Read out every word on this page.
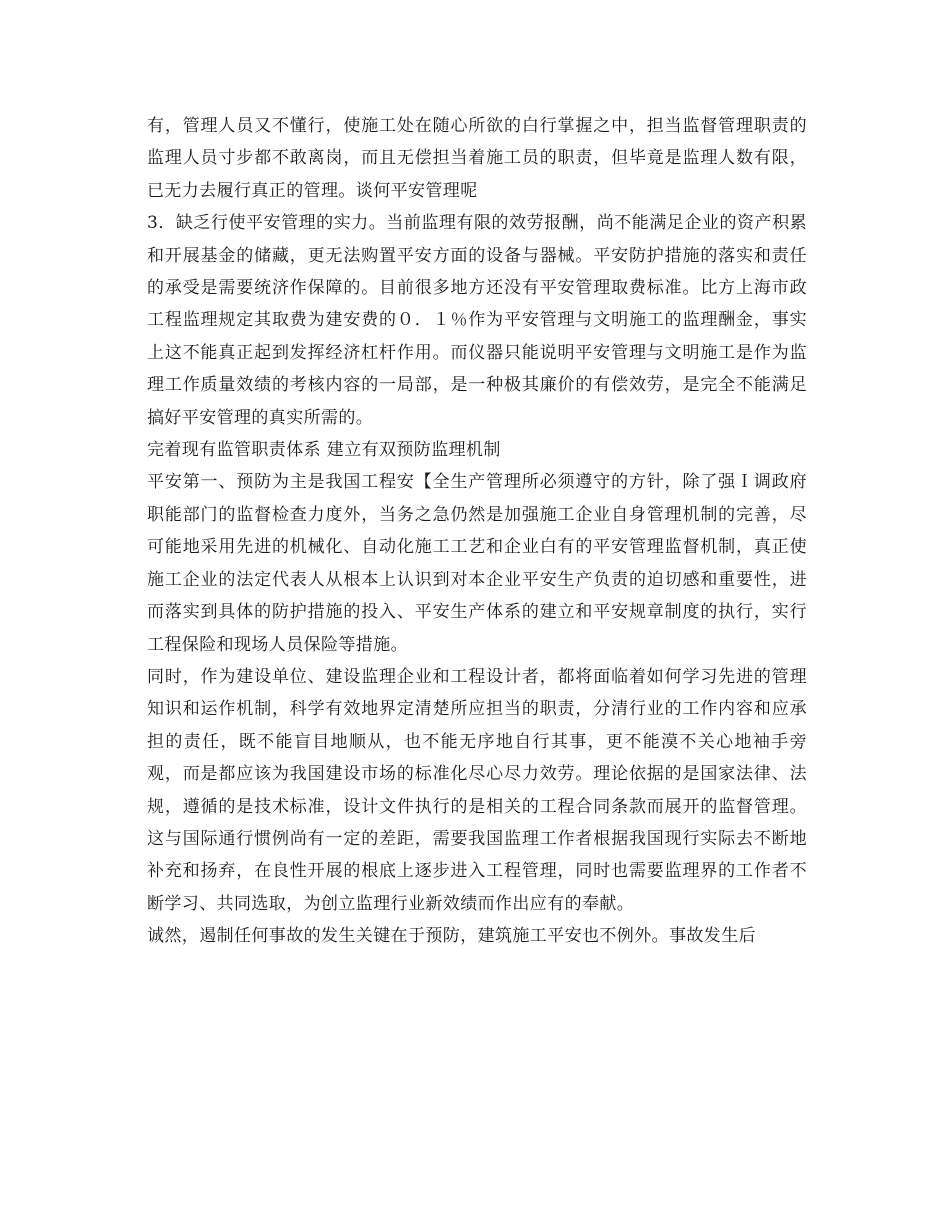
有，管理人员又不懂行，使施工处在随心所欲的白行掌握之中，担当监督管理职责的监理人员寸步都不敢离岗，而且无偿担当着施工员的职责，但毕竟是监理人数有限，已无力去履行真正的管理。谈何平安管理呢

3．缺乏行使平安管理的实力。当前监理有限的效劳报酬，尚不能满足企业的资产积累和开展基金的储藏，更无法购置平安方面的设备与器械。平安防护措施的落实和责任的承受是需要统济作保障的。目前很多地方还没有平安管理取费标准。比方上海市政工程监理规定其取费为建安费的０．１％作为平安管理与文明施工的监理酬金，事实上这不能真正起到发挥经济杠杆作用。而仪器只能说明平安管理与文明施工是作为监理工作质量效绩的考核内容的一局部，是一种极其廉价的有偿效劳，是完全不能满足搞好平安管理的真实所需的。

完着现有监管职责体系 建立有双预防监理机制

平安第一、预防为主是我国工程安【全生产管理所必须遵守的方针，除了强Ｉ调政府职能部门的监督检查力度外，当务之急仍然是加强施工企业自身管理机制的完善，尽可能地采用先进的机械化、自动化施工工艺和企业白有的平安管理监督机制，真正使施工企业的法定代表人从根本上认识到对本企业平安生产负责的迫切感和重要性，进而落实到具体的防护措施的投入、平安生产体系的建立和平安规章制度的执行，实行工程保险和现场人员保险等措施。

同时，作为建设单位、建设监理企业和工程设计者，都将面临着如何学习先进的管理知识和运作机制，科学有效地界定清楚所应担当的职责，分清行业的工作内容和应承担的责任，既不能盲目地顺从，也不能无序地自行其事，更不能漠不关心地袖手旁观，而是都应该为我国建设市场的标准化尽心尽力效劳。理论依据的是国家法律、法规，遵循的是技术标准，设计文件执行的是相关的工程合同条款而展开的监督管理。这与国际通行惯例尚有一定的差距，需要我国监理工作者根据我国现行实际去不断地补充和扬弃，在良性开展的根底上逐步进入工程管理，同时也需要监理界的工作者不断学习、共同选取，为创立监理行业新效绩而作出应有的奉献。

诚然，遏制任何事故的发生关键在于预防，建筑施工平安也不例外。事故发生后
